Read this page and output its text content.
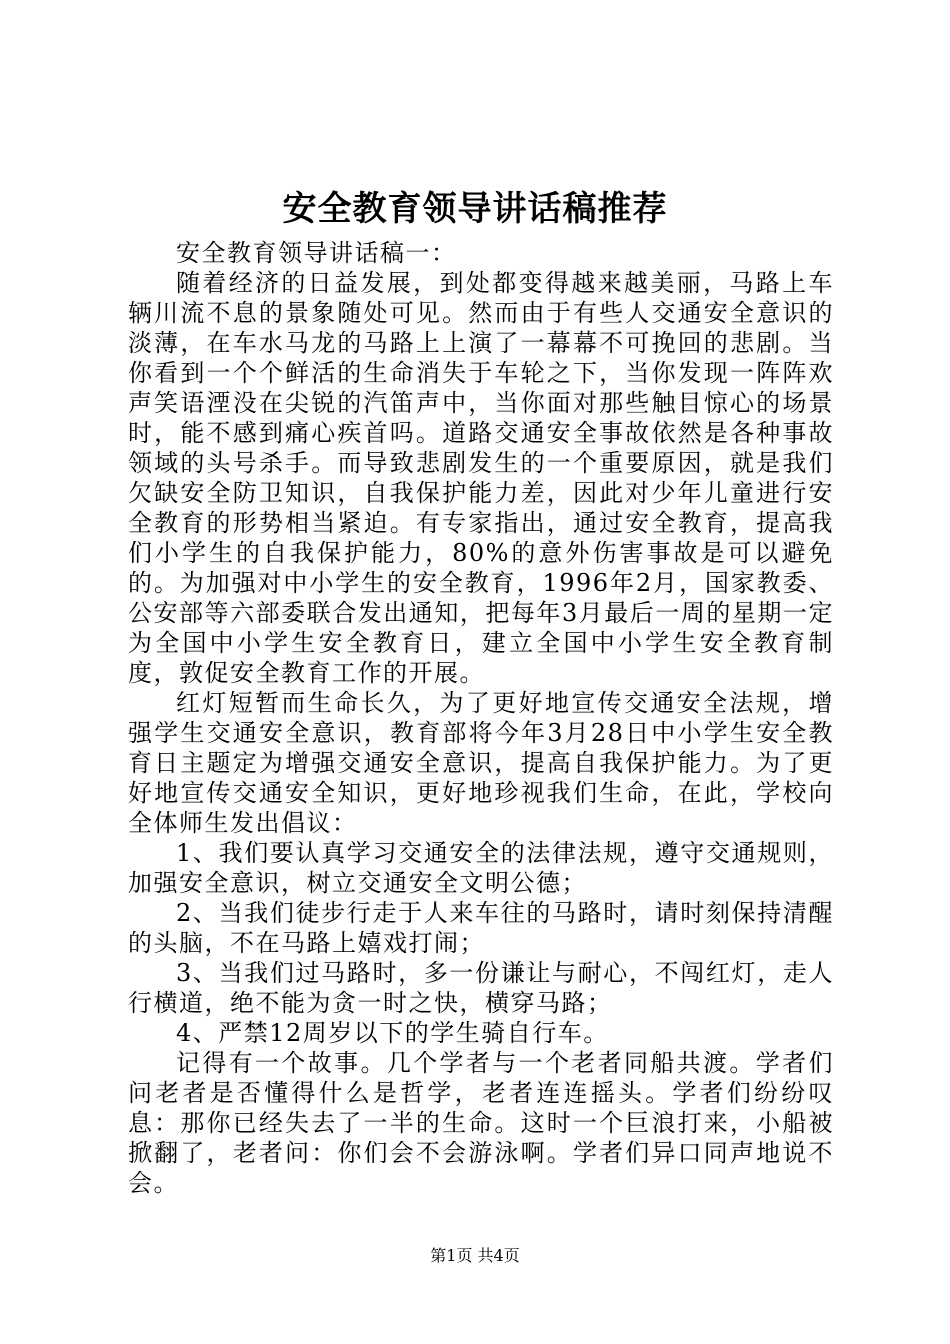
安全教育领导讲话稿推荐

安全教育领导讲话稿一：

随着经济的日益发展，到处都变得越来越美丽，马路上车辆川流不息的景象随处可见。然而由于有些人交通安全意识的淡薄，在车水马龙的马路上上演了一幕幕不可挽回的悲剧。当你看到一个个鲜活的生命消失于车轮之下，当你发现一阵阵欢声笑语湮没在尖锐的汽笛声中，当你面对那些触目惊心的场景时，能不感到痛心疾首吗。道路交通安全事故依然是各种事故领域的头号杀手。而导致悲剧发生的一个重要原因，就是我们欠缺安全防卫知识，自我保护能力差，因此对少年儿童进行安全教育的形势相当紧迫。有专家指出，通过安全教育，提高我们小学生的自我保护能力，80%的意外伤害事故是可以避免的。为加强对中小学生的安全教育，1996年2月，国家教委、公安部等六部委联合发出通知，把每年3月最后一周的星期一定为全国中小学生安全教育日，建立全国中小学生安全教育制度，敦促安全教育工作的开展。

红灯短暂而生命长久，为了更好地宣传交通安全法规，增强学生交通安全意识，教育部将今年3月28日中小学生安全教育日主题定为增强交通安全意识，提高自我保护能力。为了更好地宣传交通安全知识，更好地珍视我们生命，在此，学校向全体师生发出倡议：

1、我们要认真学习交通安全的法律法规，遵守交通规则，加强安全意识，树立交通安全文明公德；

2、当我们徒步行走于人来车往的马路时，请时刻保持清醒的头脑，不在马路上嬉戏打闹；

3、当我们过马路时，多一份谦让与耐心，不闯红灯，走人行横道，绝不能为贪一时之快，横穿马路；

4、严禁12周岁以下的学生骑自行车。

记得有一个故事。几个学者与一个老者同船共渡。学者们问老者是否懂得什么是哲学，老者连连摇头。学者们纷纷叹息：那你已经失去了一半的生命。这时一个巨浪打来，小船被掀翻了，老者问：你们会不会游泳啊。学者们异口同声地说不会。

第1页 共4页
